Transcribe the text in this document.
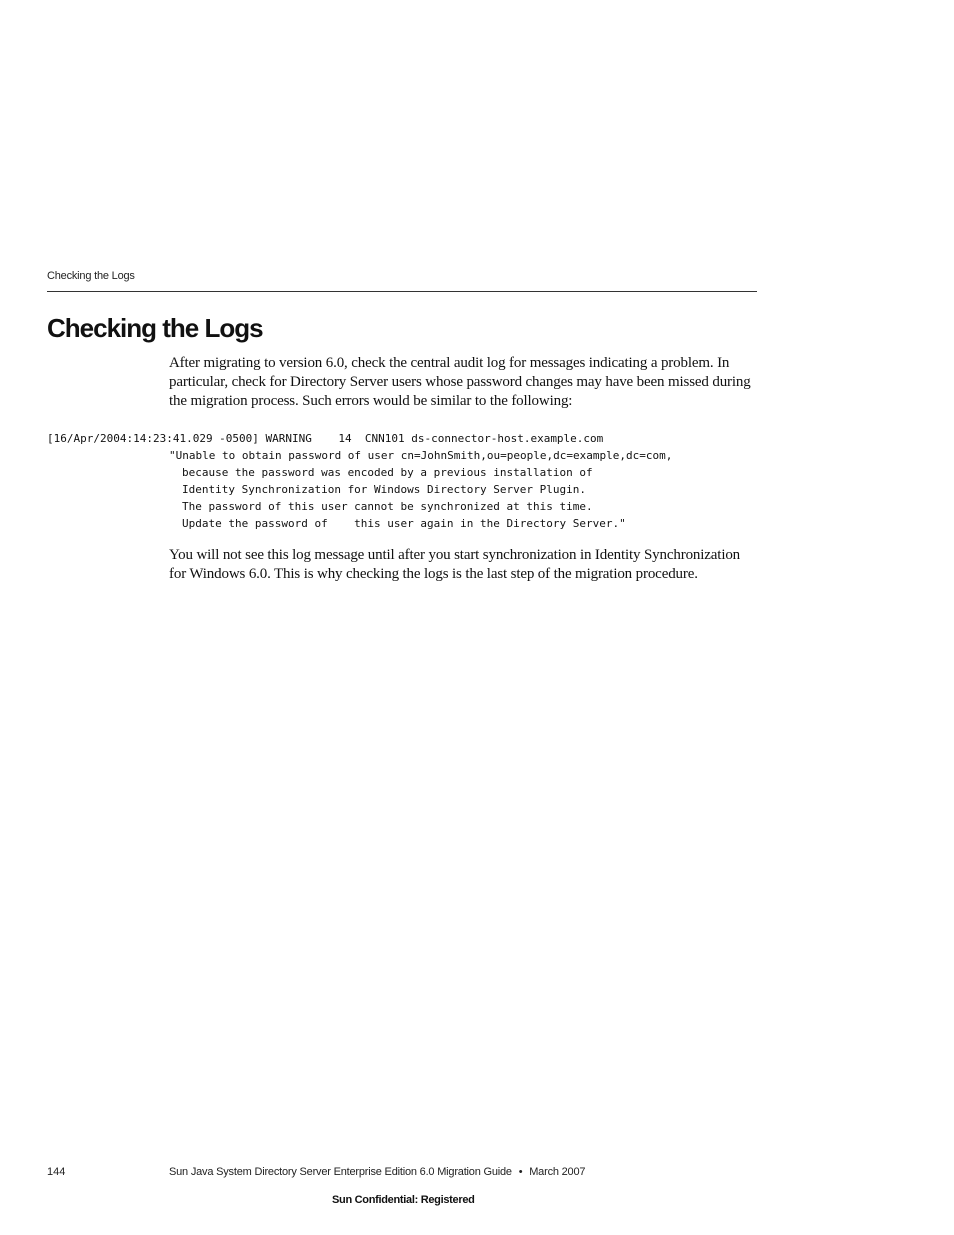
Checking the Logs
Checking the Logs

After migrating to version 6.0, check the central audit log for messages indicating a problem. In particular, check for Directory Server users whose password changes may have been missed during the migration process. Such errors would be similar to the following:

[16/Apr/2004:14:23:41.029 -0500] WARNING    14  CNN101 ds-connector-host.example.com
"Unable to obtain password of user cn=JohnSmith,ou=people,dc=example,dc=com,
because the password was encoded by a previous installation of
Identity Synchronization for Windows Directory Server Plugin.
The password of this user cannot be synchronized at this time.
Update the password of    this user again in the Directory Server."

You will not see this log message until after you start synchronization in Identity Synchronization for Windows 6.0. This is why checking the logs is the last step of the migration procedure.

144	Sun Java System Directory Server Enterprise Edition 6.0 Migration Guide • March 2007
Sun Confidential: Registered
